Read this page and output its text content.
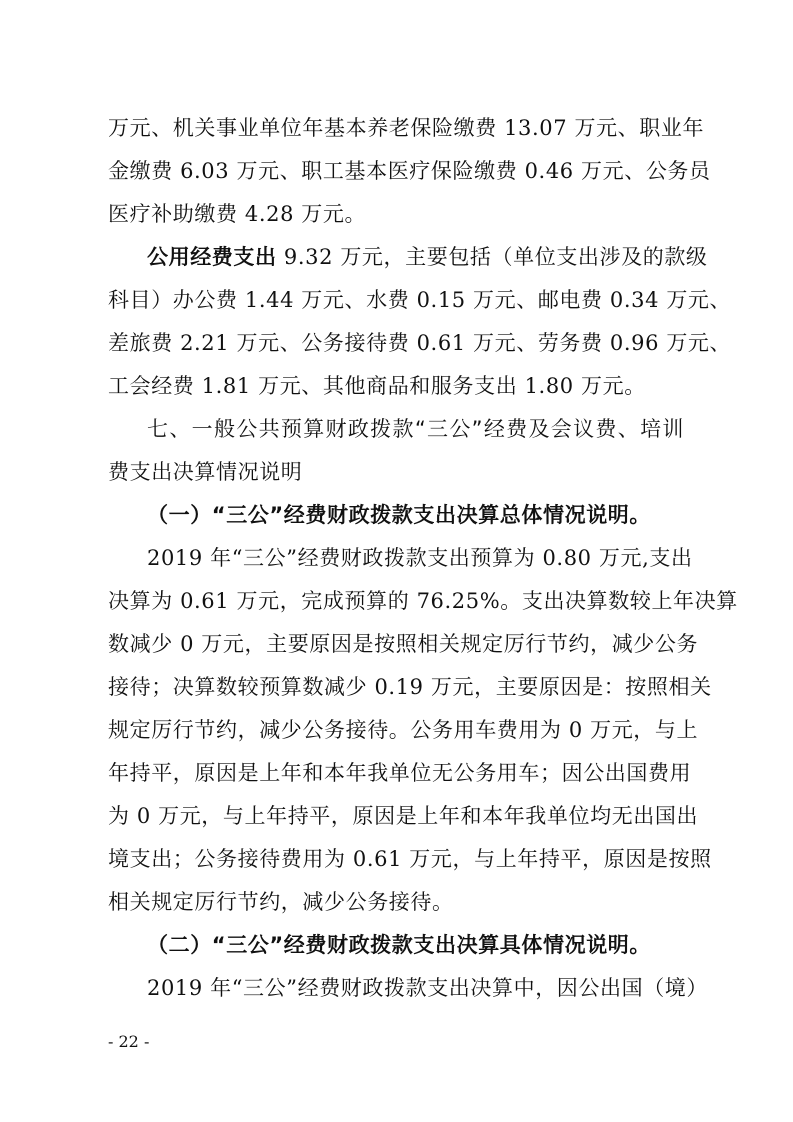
万元、机关事业单位年基本养老保险缴费 13.07 万元、职业年
金缴费 6.03 万元、职工基本医疗保险缴费 0.46 万元、公务员
医疗补助缴费 4.28 万元。
公用经费支出 9.32 万元，主要包括（单位支出涉及的款级
科目）办公费 1.44 万元、水费 0.15 万元、邮电费 0.34 万元、
差旅费 2.21 万元、公务接待费 0.61 万元、劳务费 0.96 万元、
工会经费 1.81 万元、其他商品和服务支出 1.80 万元。
七、一般公共预算财政拨款“三公”经费及会议费、培训
费支出决算情况说明
（一）“三公”经费财政拨款支出决算总体情况说明。
2019 年“三公”经费财政拨款支出预算为 0.80 万元,支出
决算为 0.61 万元，完成预算的 76.25%。支出决算数较上年决算
数减少 0 万元，主要原因是按照相关规定厉行节约，减少公务
接待；决算数较预算数减少 0.19 万元，主要原因是：按照相关
规定厉行节约，减少公务接待。公务用车费用为 0 万元，与上
年持平，原因是上年和本年我单位无公务用车；因公出国费用
为 0 万元，与上年持平，原因是上年和本年我单位均无出国出
境支出；公务接待费用为 0.61 万元，与上年持平，原因是按照
相关规定厉行节约，减少公务接待。
（二）“三公”经费财政拨款支出决算具体情况说明。
2019 年“三公”经费财政拨款支出决算中，因公出国（境）
- 22 -
